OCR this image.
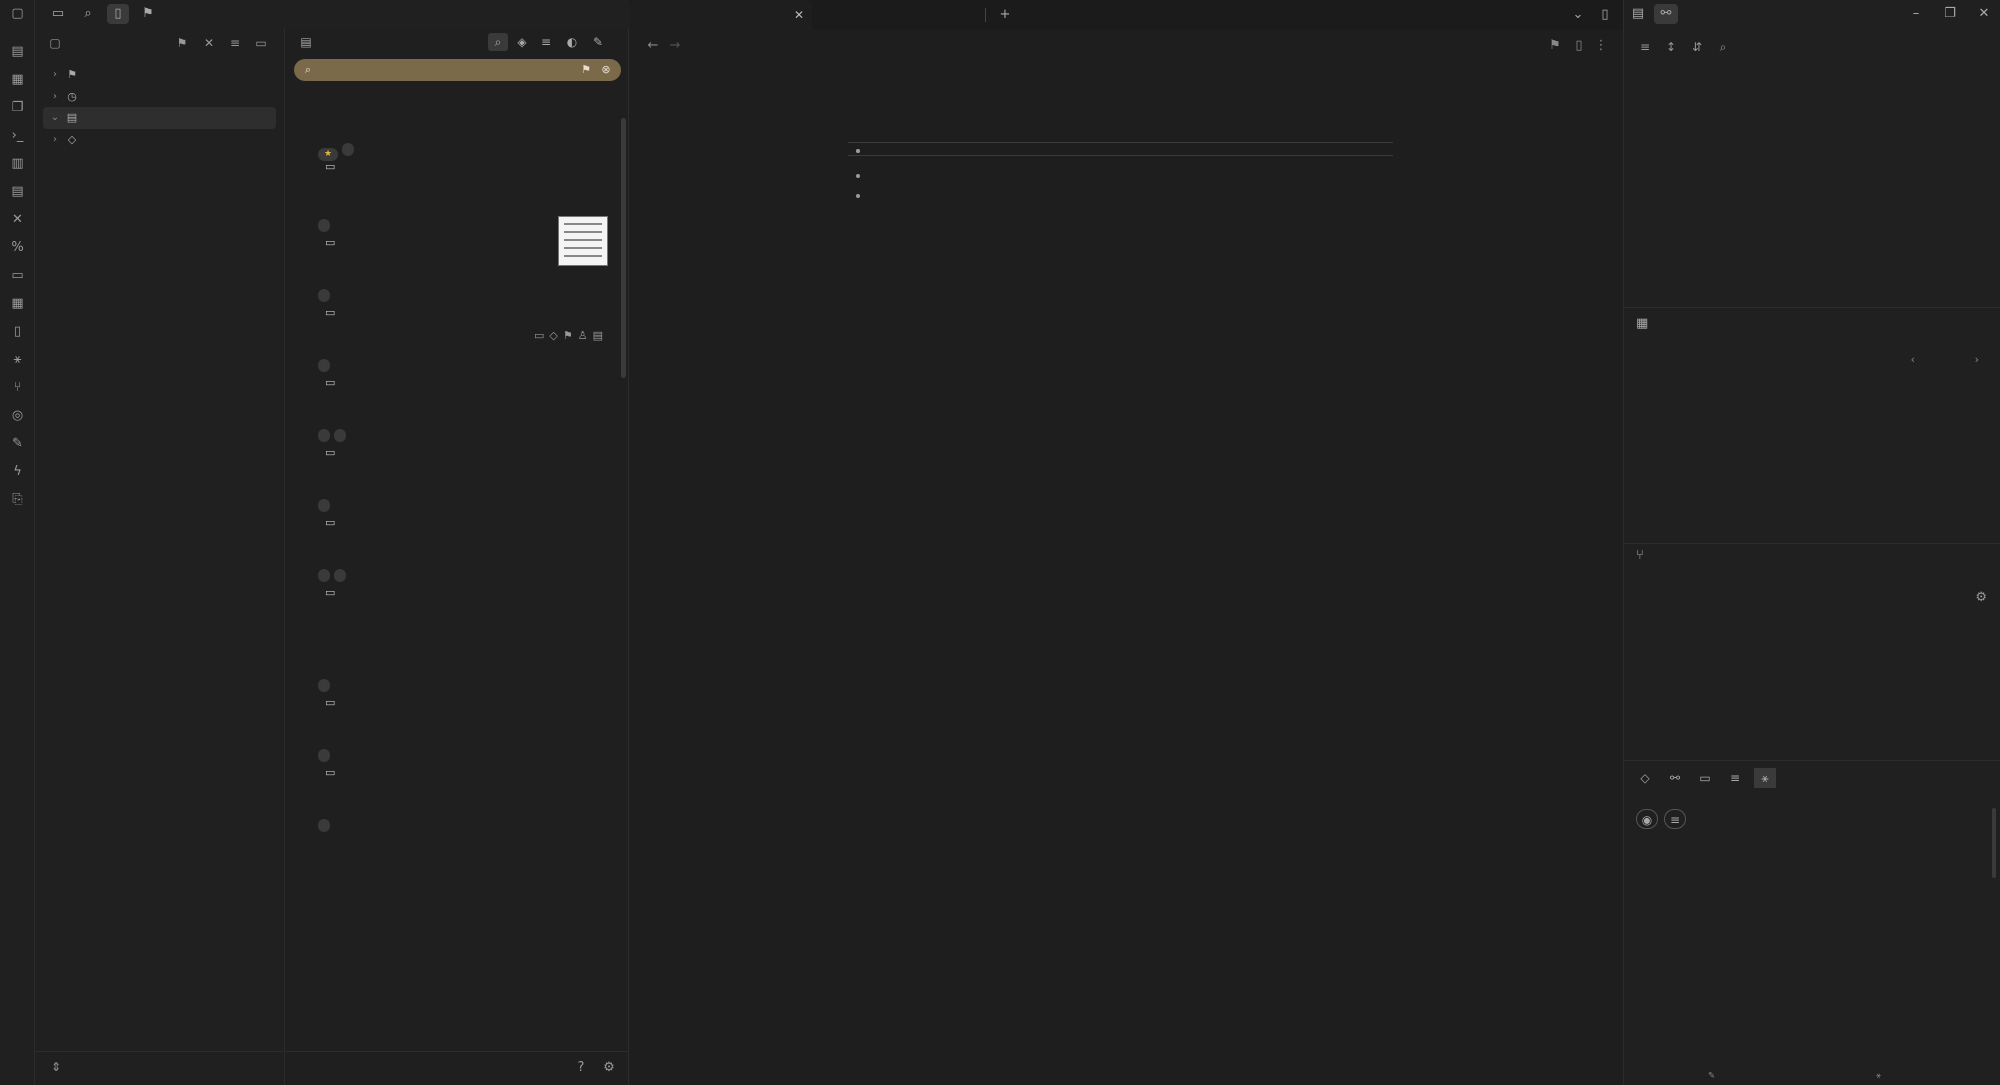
▢
▤
▦
❐
›_
▥
▤
✕
%
▭
▦
▯
⚹
⑂
◎
✎
ϟ
⎘
▭	⌕	▯	⚑
▢	⚑	✕	≡	▭
› ⚑
› ◷
⌄ ▤
› ◇
⇕
▤	⌕	◈	≡	◐	✎
⌕	⚑ ⊗
★
▭
▭
▭
▭◇⚑♙▤
▭
▭
▭
▭
▭
▭
?	⚙
✕	+	⌄	▯
← →	⚑	▯ ⋮

▤	⚯	–	❐	✕
≡	↕	⇵	⌕
▦
‹	›
⑂
⚙
◇	⚯	▭	≡	⚹
◉	≡
✎	⚹
